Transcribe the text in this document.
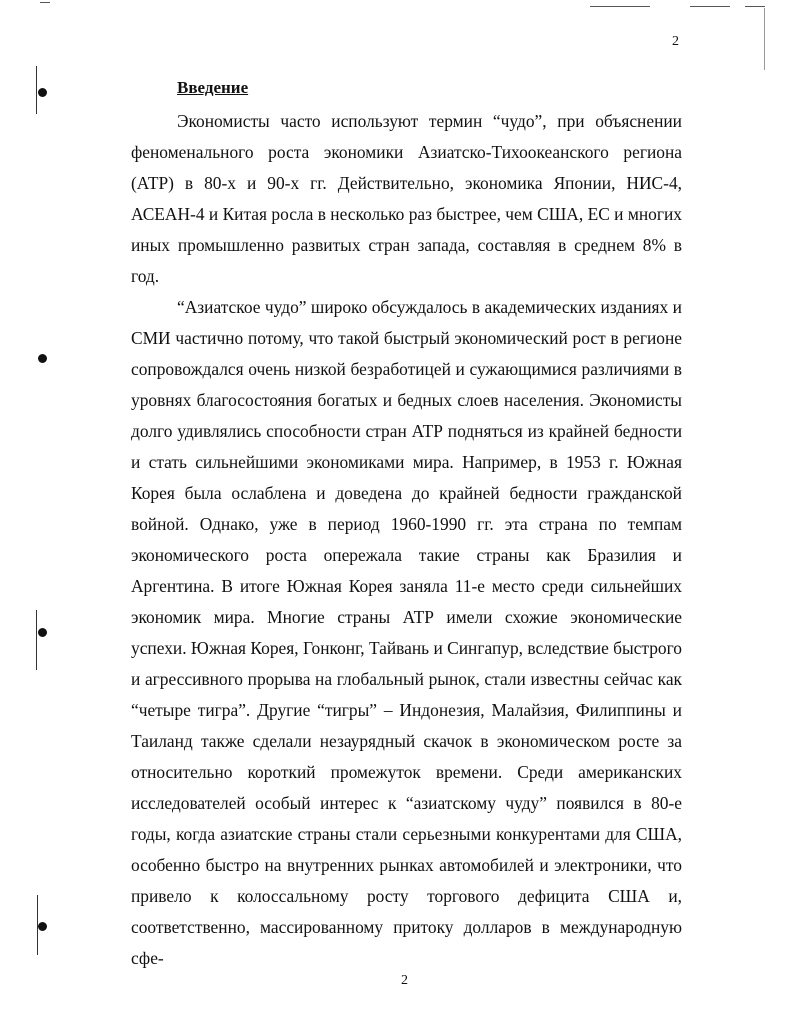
2
Введение

Экономисты часто используют термин “чудо”, при объяснении феноменального роста экономики Азиатско-Тихоокеанского региона (АТР) в 80-х и 90-х гг. Действительно, экономика Японии, НИС-4, АСЕАН-4 и Китая росла в несколько раз быстрее, чем США, ЕС и многих иных промышленно развитых стран запада, составляя в среднем 8% в год.

“Азиатское чудо” широко обсуждалось в академических изданиях и СМИ частично потому, что такой быстрый экономический рост в регионе сопровождался очень низкой безработицей и сужающимися различиями в уровнях благосостояния богатых и бедных слоев населения. Экономисты долго удивлялись способности стран АТР подняться из крайней бедности и стать сильнейшими экономиками мира. Например, в 1953 г. Южная Корея была ослаблена и доведена до крайней бедности гражданской войной. Однако, уже в период 1960-1990 гг. эта страна по темпам экономического роста опережала такие страны как Бразилия и Аргентина. В итоге Южная Корея заняла 11-е место среди сильнейших экономик мира. Многие страны АТР имели схожие экономические успехи. Южная Корея, Гонконг, Тайвань и Сингапур, вследствие быстрого и агрессивного прорыва на глобальный рынок, стали известны сейчас как “четыре тигра”. Другие “тигры” – Индонезия, Малайзия, Филиппины и Таиланд также сделали незаурядный скачок в экономическом росте за относительно короткий промежуток времени. Среди американских исследователей особый интерес к “азиатскому чуду” появился в 80-е годы, когда азиатские страны стали серьезными конкурентами для США, особенно быстро на внутренних рынках автомобилей и электроники, что привело к колоссальному росту торгового дефицита США и, соответственно, массированному притоку долларов в международную сфе-

2
